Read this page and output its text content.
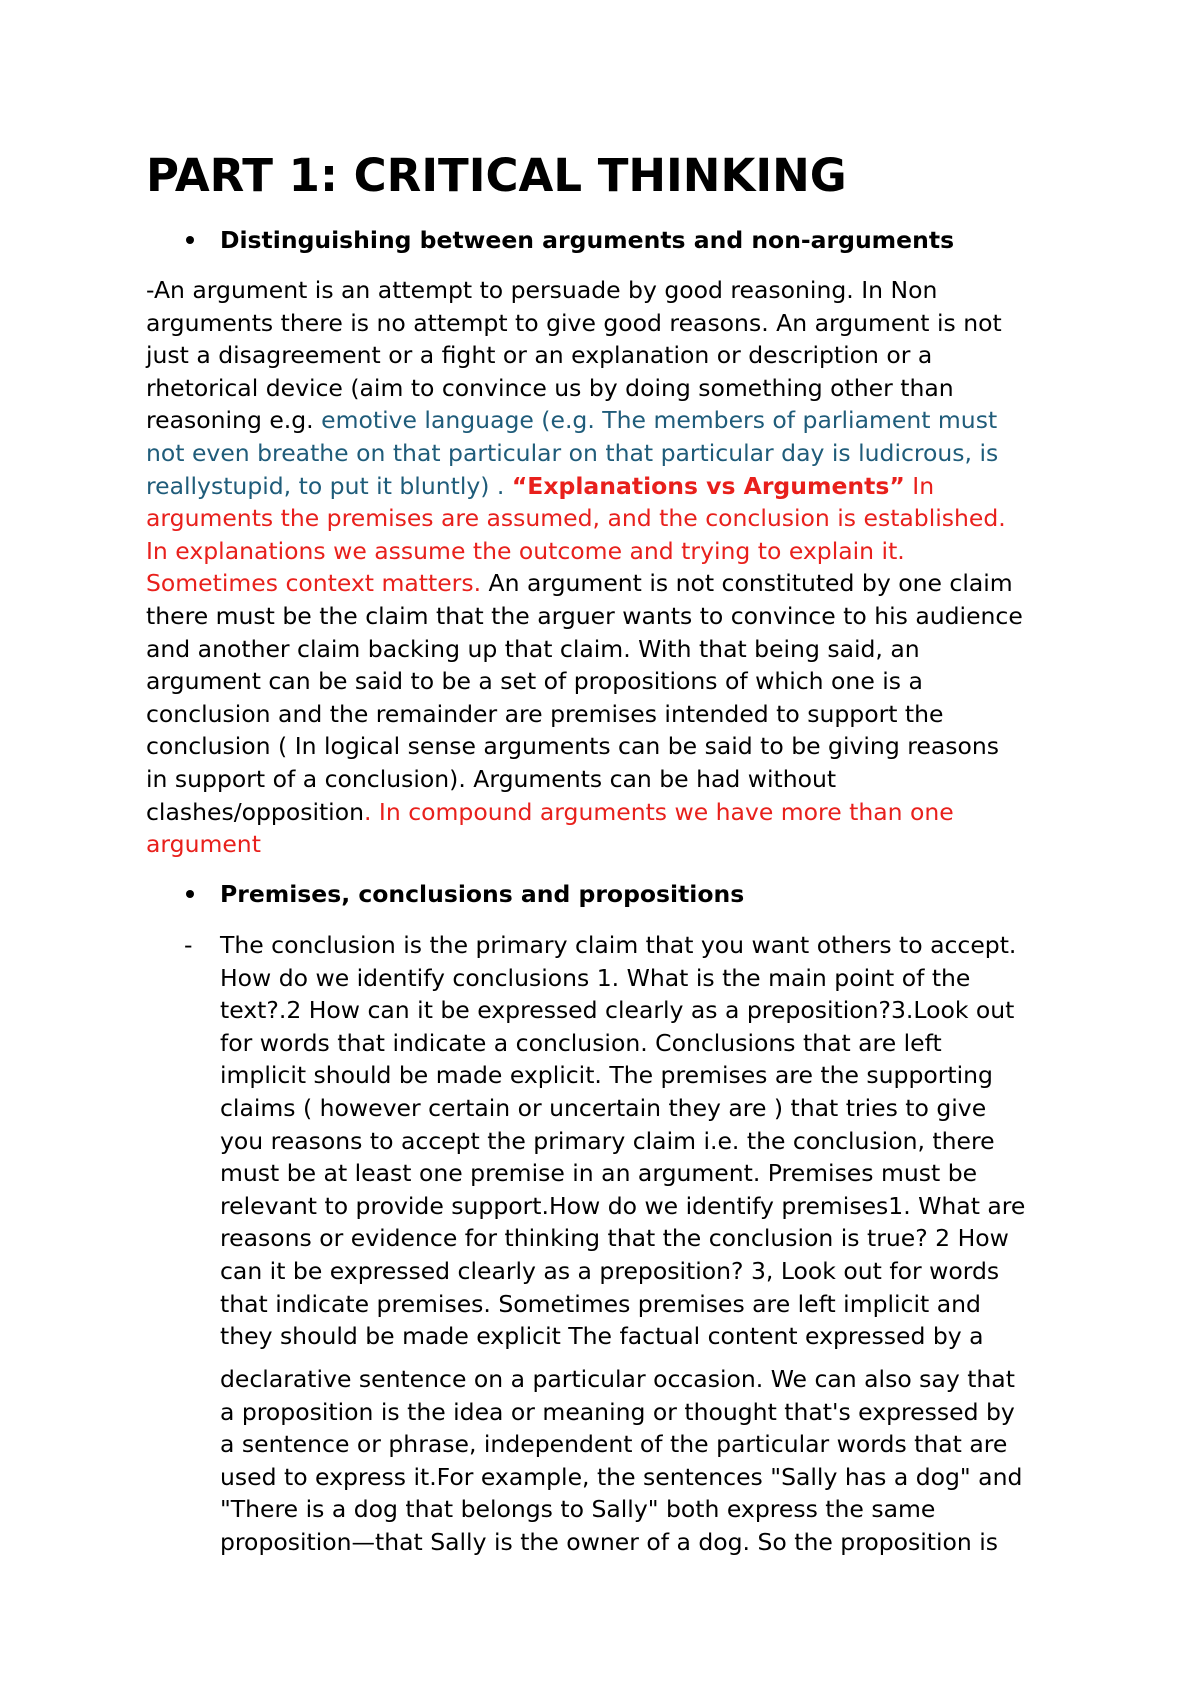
PART 1: CRITICAL THINKING
Distinguishing between arguments and non-arguments
-An argument is an attempt to persuade by good reasoning. In Non
arguments there is no attempt to give good reasons. An argument is not
just a disagreement or a fight or an explanation or description or a
rhetorical device (aim to convince us by doing something other than
reasoning e.g. emotive language (e.g. The members of parliament must
not even breathe on that particular on that particular day is ludicrous, is
reallystupid, to put it bluntly) . “Explanations vs Arguments” In
arguments the premises are assumed, and the conclusion is established.
In explanations we assume the outcome and trying to explain it.
Sometimes context matters. An argument is not constituted by one claim
there must be the claim that the arguer wants to convince to his audience
and another claim backing up that claim. With that being said, an
argument can be said to be a set of propositions of which one is a
conclusion and the remainder are premises intended to support the
conclusion ( In logical sense arguments can be said to be giving reasons
in support of a conclusion). Arguments can be had without
clashes/opposition. In compound arguments we have more than one
argument
Premises, conclusions and propositions
- The conclusion is the primary claim that you want others to accept.
How do we identify conclusions 1. What is the main point of the
text?.2 How can it be expressed clearly as a preposition?3.Look out
for words that indicate a conclusion. Conclusions that are left
implicit should be made explicit. The premises are the supporting
claims ( however certain or uncertain they are ) that tries to give
you reasons to accept the primary claim i.e. the conclusion, there
must be at least one premise in an argument. Premises must be
relevant to provide support.How do we identify premises1. What are
reasons or evidence for thinking that the conclusion is true? 2 How
can it be expressed clearly as a preposition? 3, Look out for words
that indicate premises. Sometimes premises are left implicit and
they should be made explicit The factual content expressed by a
declarative sentence on a particular occasion. We can also say that
a proposition is the idea or meaning or thought that's expressed by
a sentence or phrase, independent of the particular words that are
used to express it.For example, the sentences "Sally has a dog" and
"There is a dog that belongs to Sally" both express the same
proposition—that Sally is the owner of a dog. So the proposition is
